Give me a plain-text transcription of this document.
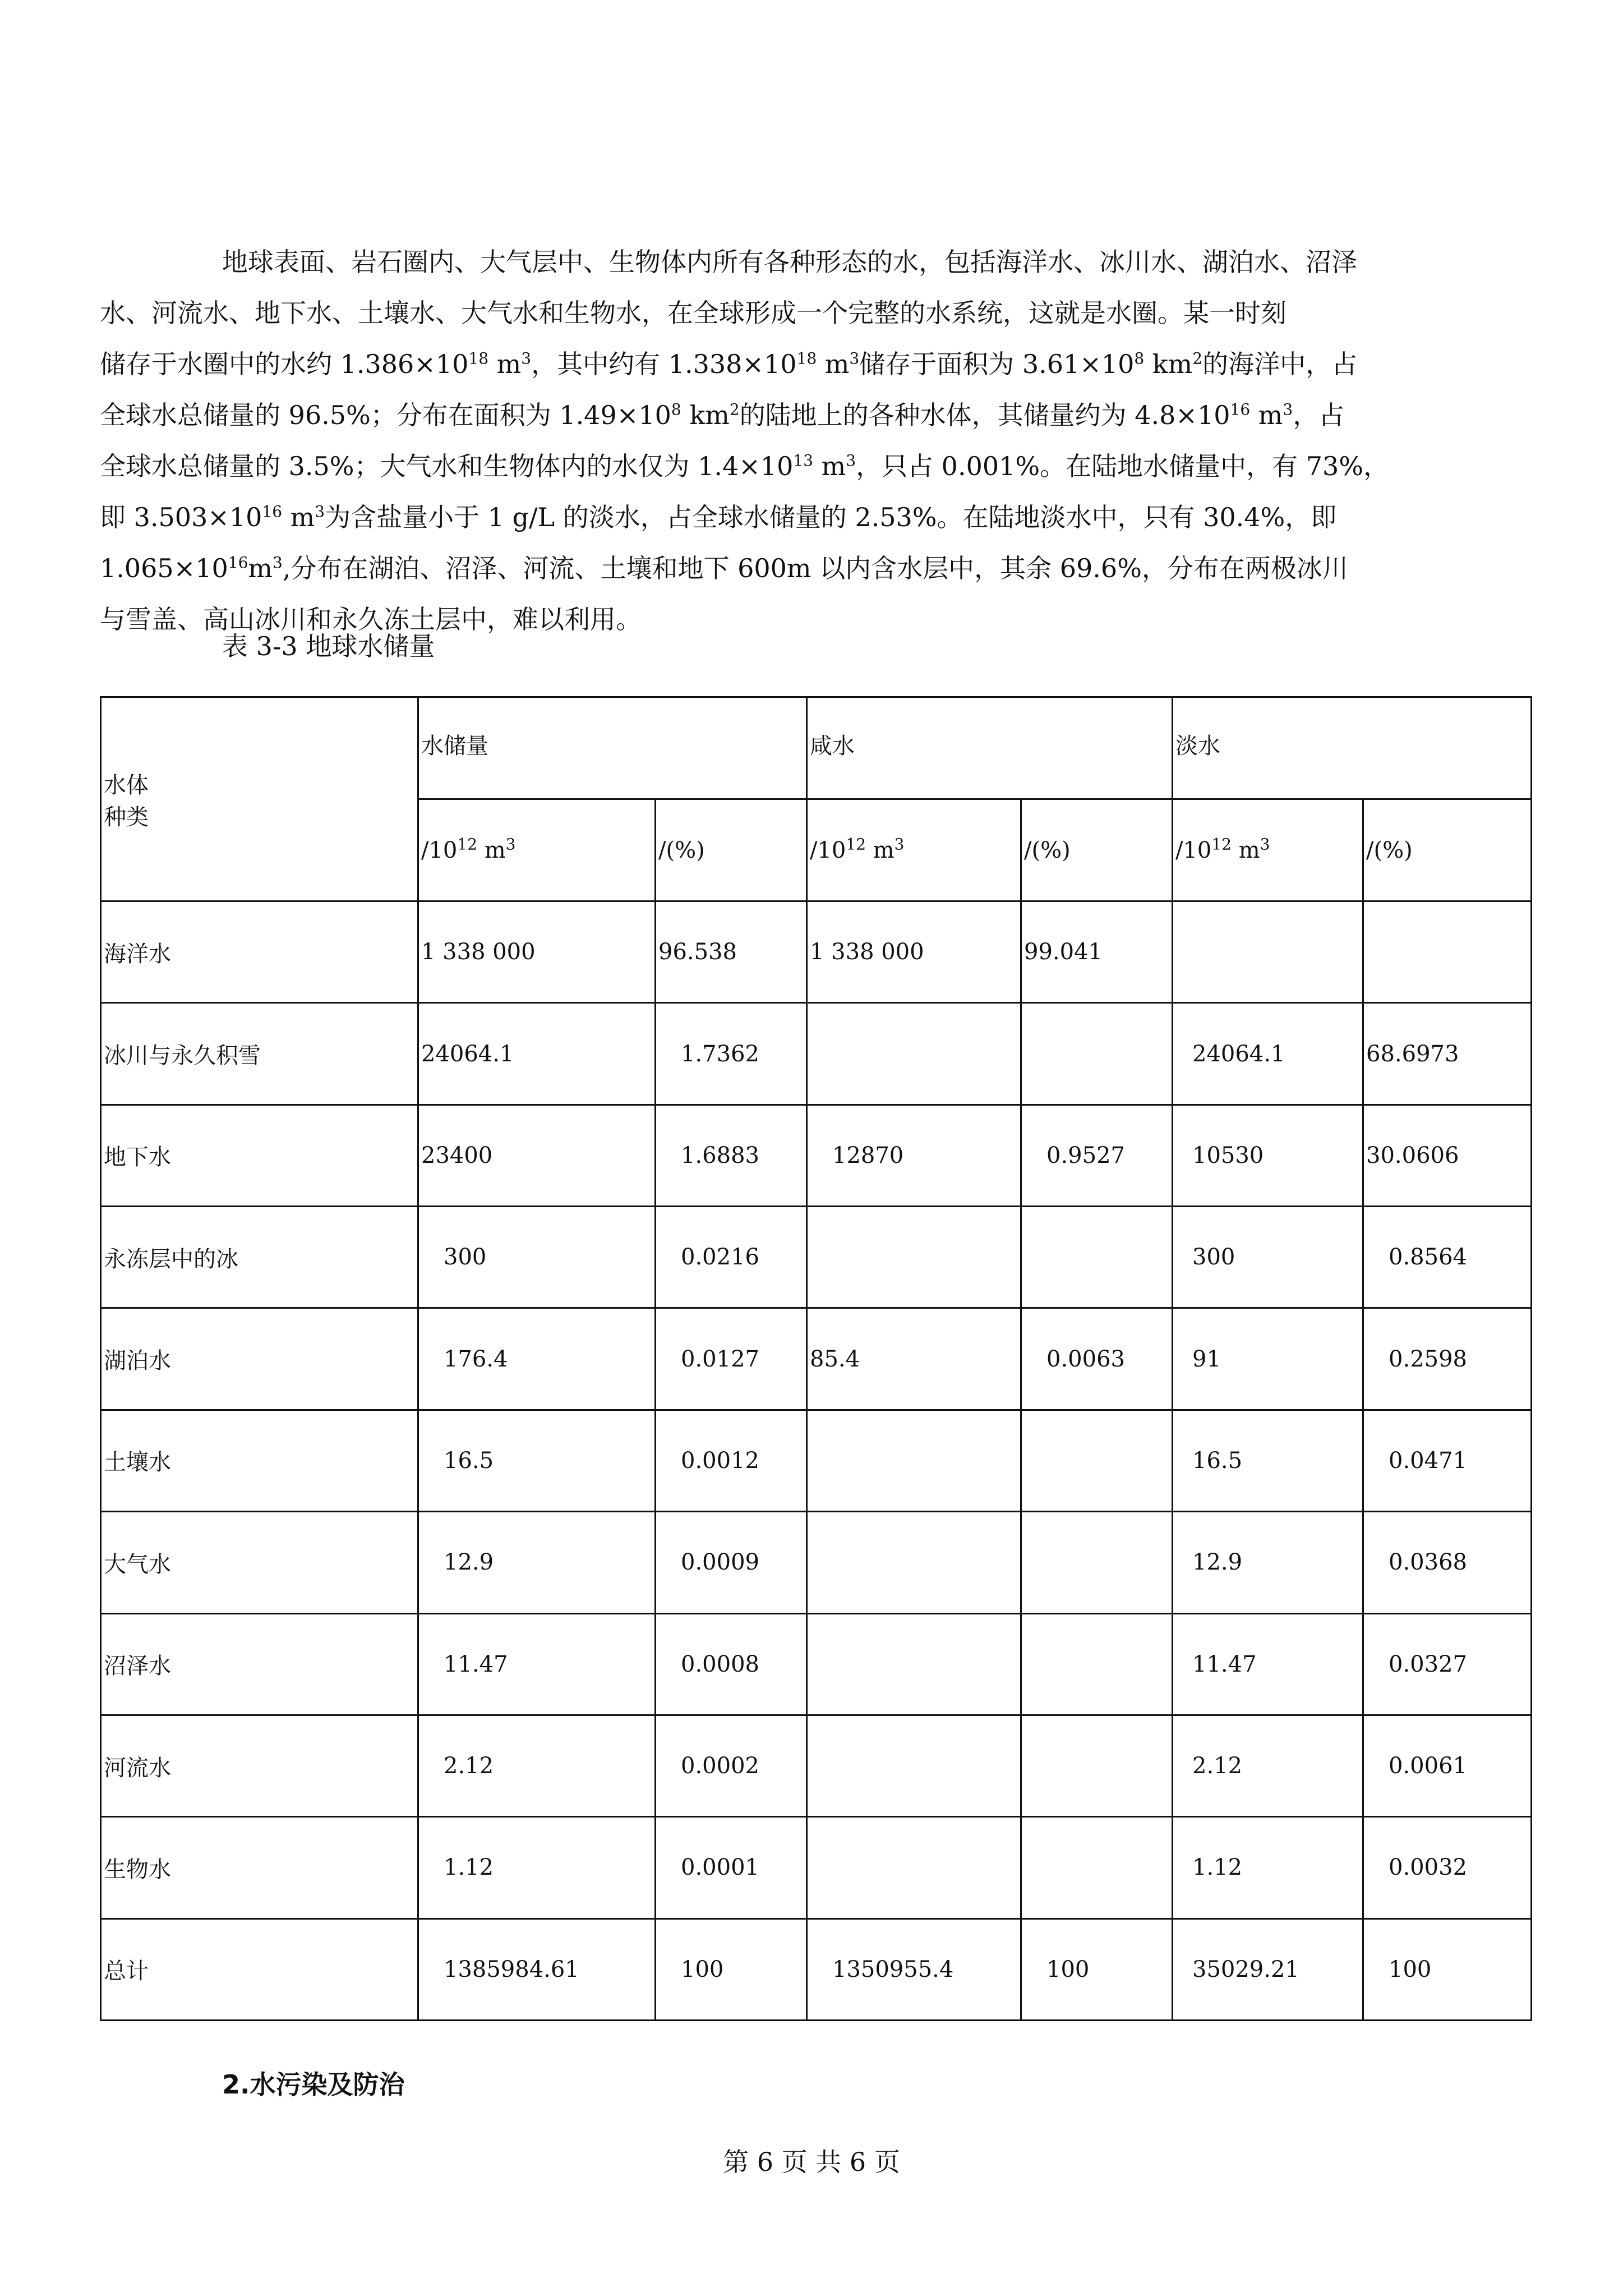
地球表面、岩石圈内、大气层中、生物体内所有各种形态的水，包括海洋水、冰川水、湖泊水、沼泽
水、河流水、地下水、土壤水、大气水和生物水，在全球形成一个完整的水系统，这就是水圈。某一时刻
储存于水圈中的水约 $1.386\times 10^{18}$ $m^3$，其中约有 $1.338\times 10^{18}$ $m^3$储存于面积为 $3.61\times 10^8$ $km^2$的海洋中，占
全球水总储量的 96.5%；分布在面积为 $1.49\times 10^8$ $km^2$的陆地上的各种水体，其储量约为 $4.8\times 10^{16}$ $m^3$，占
全球水总储量的 3.5%；大气水和生物体内的水仅为 $1.4\times 10^{13}$ $m^3$，只占 0.001%。在陆地水储量中，有 73%，
即 $3.503\times 10^{16}$ $m^3$为含盐量小于 1 g/L 的淡水，占全球水储量的 2.53%。在陆地淡水中，只有 30.4%，即
$1.065\times 10^{16}m^3$,分布在湖泊、沼泽、河流、土壤和地下 600m 以内含水层中，其余 69.6%，分布在两极冰川
与雪盖、高山冰川和永久冻土层中，难以利用。
表 3-3 地球水储量
水体
种类	水储量		咸水		淡水	
	$/10^{12}$ $m^3$	/(%)	$/10^{12}$ $m^3$	/(%)	$/10^{12}$ $m^3$	/(%)
海洋水	1 338 000	96.538	1 338 000	99.041		
冰川与永久积雪	24064.1	1.7362			24064.1	68.6973
地下水	23400	1.6883	12870	0.9527	10530	30.0606
永冻层中的冰	300	0.0216			300	0.8564
湖泊水	176.4	0.0127	85.4	0.0063	91	0.2598
土壤水	16.5	0.0012			16.5	0.0471
大气水	12.9	0.0009			12.9	0.0368
沼泽水	11.47	0.0008			11.47	0.0327
河流水	2.12	0.0002			2.12	0.0061
生物水	1.12	0.0001			1.12	0.0032
总计	1385984.61	100	1350955.4	100	35029.21	100
2.水污染及防治
第 6 页 共 6 页
